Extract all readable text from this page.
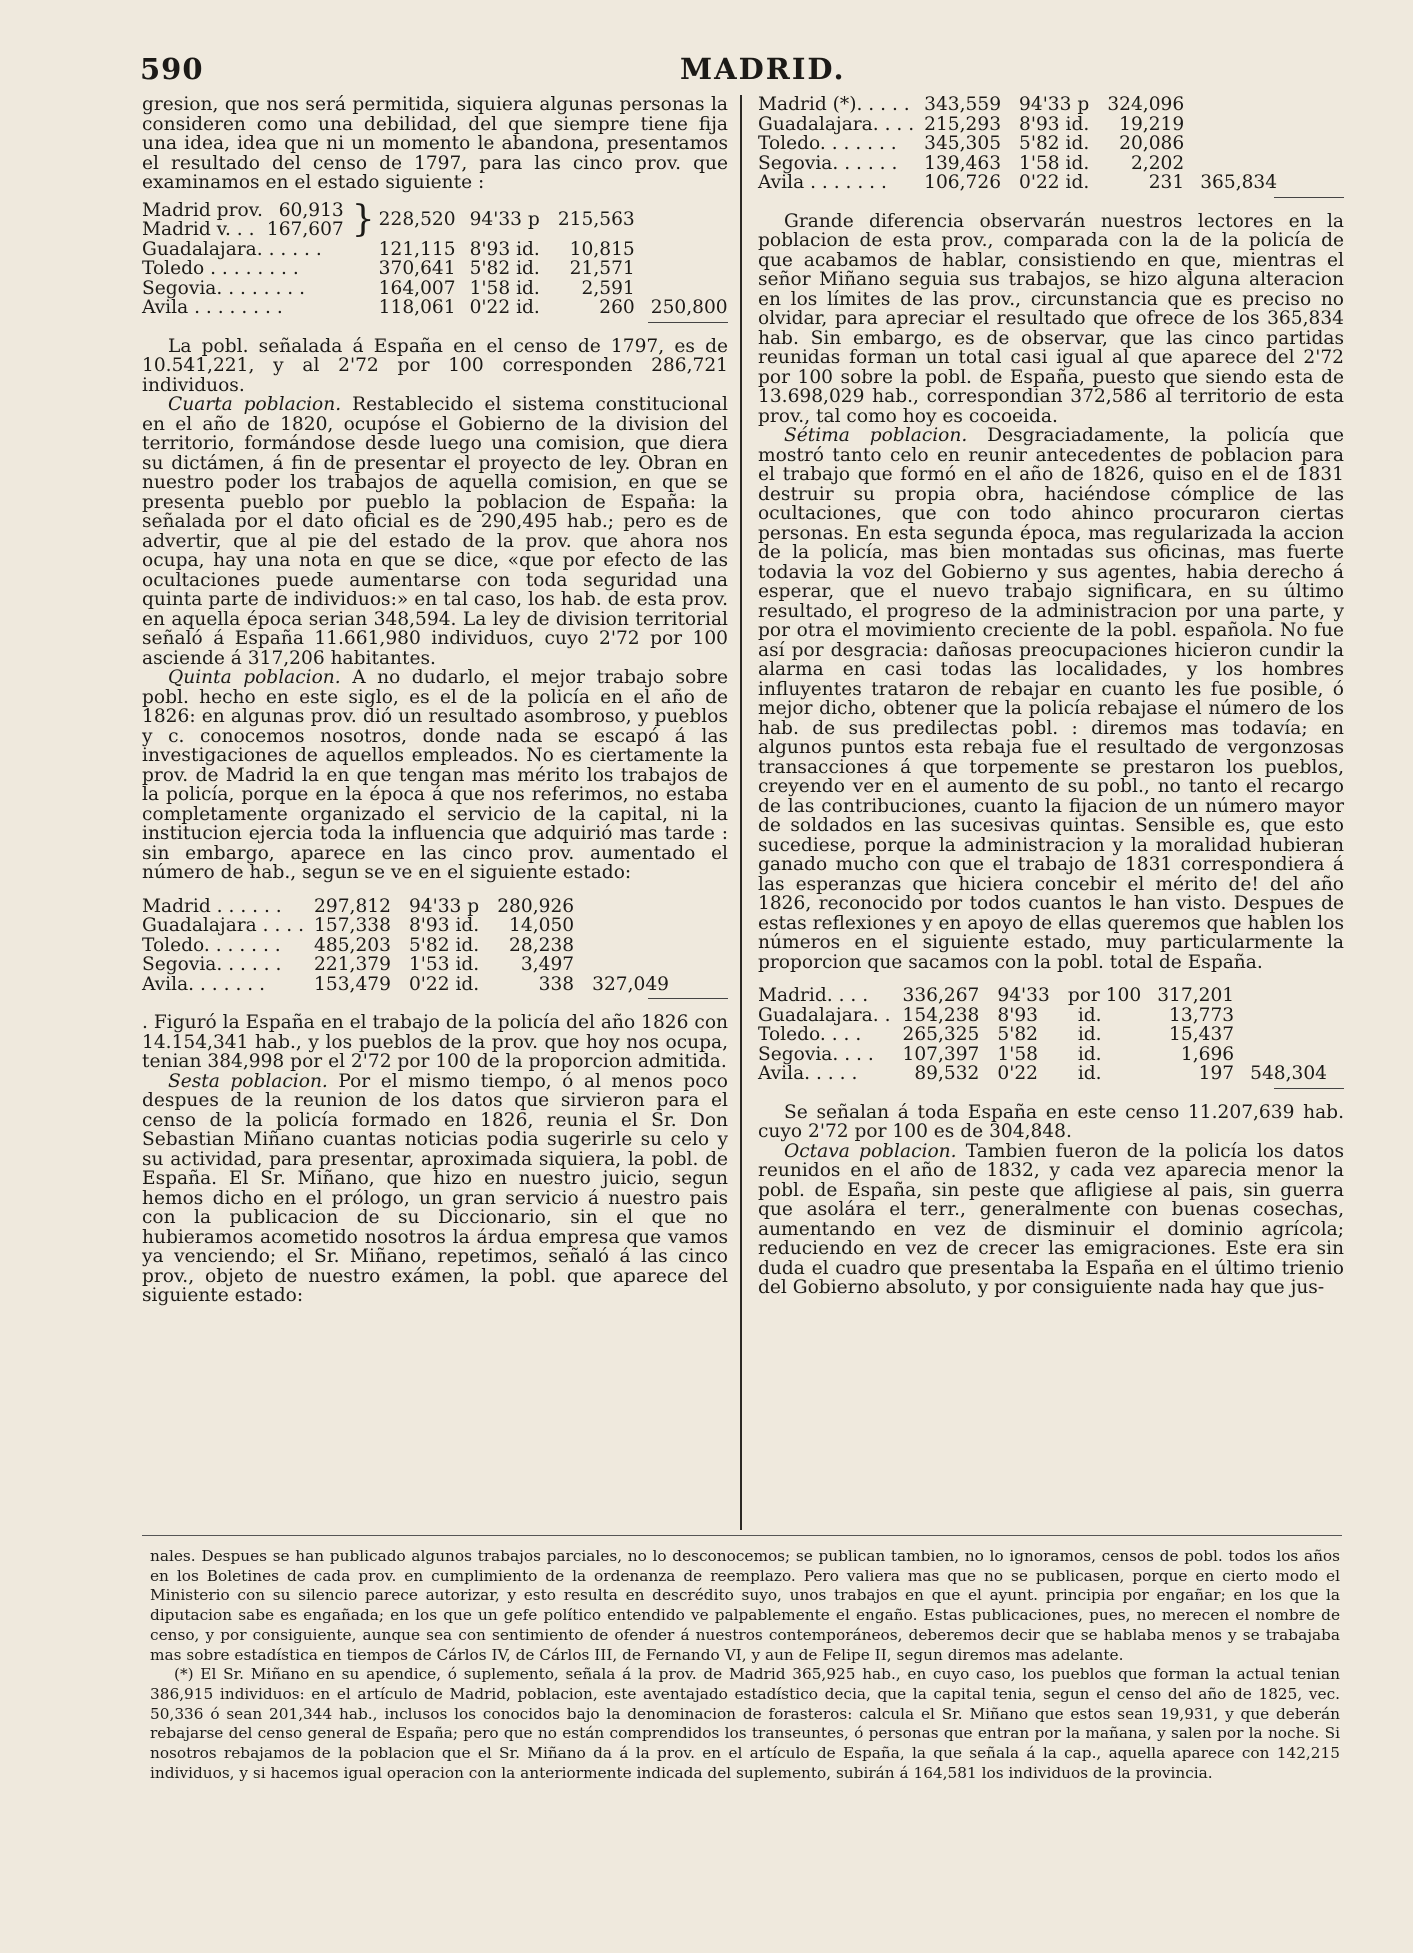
590	MADRID.

gresion, que nos será permitida, siquiera algunas personas la consideren como una debilidad, del que siempre tiene fija una idea, idea que ni un momento le abandona, presentamos el resultado del censo de 1797, para las cinco prov. que examinamos en el estado siguiente :

Madrid prov.	60,913	}	228,520	94'33 p	215,563	
Madrid v. . .	167,607					
Guadalajara. . . . . .			121,115	8'93 id.	10,815	
Toledo . . . . . . . .			370,641	5'82 id.	21,571	
Segovia. . . . . . . .			164,007	1'58 id.	2,591	
Avila . . . . . . . .			118,061	0'22 id.	260	250,800

La pobl. señalada á España en el censo de 1797, es de 10.541,221, y al 2'72 por 100 corresponden 286,721 individuos.

Cuarta poblacion. Restablecido el sistema constitucional en el año de 1820, ocupóse el Gobierno de la division del territorio, formándose desde luego una comision, que diera su dictámen, á fin de presentar el proyecto de ley. Obran en nuestro poder los trabajos de aquella comision, en que se presenta pueblo por pueblo la poblacion de España: la señalada por el dato oficial es de 290,495 hab.; pero es de advertir, que al pie del estado de la prov. que ahora nos ocupa, hay una nota en que se dice, «que por efecto de las ocultaciones puede aumentarse con toda seguridad una quinta parte de individuos:» en tal caso, los hab. de esta prov. en aquella época serian 348,594. La ley de division territorial señaló á España 11.661,980 individuos, cuyo 2'72 por 100 asciende á 317,206 habitantes.

Quinta poblacion. A no dudarlo, el mejor trabajo sobre pobl. hecho en este siglo, es el de la policía en el año de 1826: en algunas prov. dió un resultado asombroso, y pueblos y c. conocemos nosotros, donde nada se escapó á las investigaciones de aquellos empleados. No es ciertamente la prov. de Madrid la en que tengan mas mérito los trabajos de la policía, porque en la época á que nos referimos, no estaba completamente organizado el servicio de la capital, ni la institucion ejercia toda la influencia que adquirió mas tarde : sin embargo, aparece en las cinco prov. aumentado el número de hab., segun se ve en el siguiente estado:

Madrid . . . . . .	297,812	94'33 p	280,926	
Guadalajara . . . .	157,338	8'93 id.	14,050	
Toledo. . . . . . .	485,203	5'82 id.	28,238	
Segovia. . . . . .	221,379	1'53 id.	3,497	
Avila. . . . . . .	153,479	0'22 id.	338	327,049

. Figuró la España en el trabajo de la policía del año 1826 con 14.154,341 hab., y los pueblos de la prov. que hoy nos ocupa, tenian 384,998 por el 2'72 por 100 de la proporcion admitida.

Sesta poblacion. Por el mismo tiempo, ó al menos poco despues de la reunion de los datos que sirvieron para el censo de la policía formado en 1826, reunia el Sr. Don Sebastian Miñano cuantas noticias podia sugerirle su celo y su actividad, para presentar, aproximada siquiera, la pobl. de España. El Sr. Miñano, que hizo en nuestro juicio, segun hemos dicho en el prólogo, un gran servicio á nuestro pais con la publicacion de su Diccionario, sin el que no hubieramos acometido nosotros la árdua empresa que vamos ya venciendo; el Sr. Miñano, repetimos, señaló á las cinco prov., objeto de nuestro exámen, la pobl. que aparece del siguiente estado:

Madrid (*). . . . .	343,559	94'33 p	324,096	
Guadalajara. . . .	215,293	8'93 id.	19,219	
Toledo. . . . . . .	345,305	5'82 id.	20,086	
Segovia. . . . . .	139,463	1'58 id.	2,202	
Avila . . . . . . .	106,726	0'22 id.	231	365,834

Grande diferencia observarán nuestros lectores en la poblacion de esta prov., comparada con la de la policía de que acabamos de hablar, consistiendo en que, mientras el señor Miñano seguia sus trabajos, se hizo alguna alteracion en los límites de las prov., circunstancia que es preciso no olvidar, para apreciar el resultado que ofrece de los 365,834 hab. Sin embargo, es de observar, que las cinco partidas reunidas forman un total casi igual al que aparece del 2'72 por 100 sobre la pobl. de España, puesto que siendo esta de 13.698,029 hab., correspondian 372,586 al territorio de esta prov., tal como hoy es cocoeida.

Sétima poblacion. Desgraciadamente, la policía que mostró tanto celo en reunir antecedentes de poblacion para el trabajo que formó en el año de 1826, quiso en el de 1831 destruir su propia obra, haciéndose cómplice de las ocultaciones, que con todo ahinco procuraron ciertas personas. En esta segunda época, mas regularizada la accion de la policía, mas bien montadas sus oficinas, mas fuerte todavia la voz del Gobierno y sus agentes, habia derecho á esperar, que el nuevo trabajo significara, en su último resultado, el progreso de la administracion por una parte, y por otra el movimiento creciente de la pobl. española. No fue así por desgracia: dañosas preocupaciones hicieron cundir la alarma en casi todas las localidades, y los hombres influyentes trataron de rebajar en cuanto les fue posible, ó mejor dicho, obtener que la policía rebajase el número de los hab. de sus predilectas pobl. : diremos mas todavía; en algunos puntos esta rebaja fue el resultado de vergonzosas transacciones á que torpemente se prestaron los pueblos, creyendo ver en el aumento de su pobl., no tanto el recargo de las contribuciones, cuanto la fijacion de un número mayor de soldados en las sucesivas quintas. Sensible es, que esto sucediese, porque la administracion y la moralidad hubieran ganado mucho con que el trabajo de 1831 correspondiera á las esperanzas que hiciera concebir el mérito de! del año 1826, reconocido por todos cuantos le han visto. Despues de estas reflexiones y en apoyo de ellas queremos que hablen los números en el siguiente estado, muy particularmente la proporcion que sacamos con la pobl. total de España.

Madrid. . . .	336,267	94'33	por 100	317,201	
Guadalajara. .	154,238	8'93	id.	13,773	
Toledo. . . .	265,325	5'82	id.	15,437	
Segovia. . . .	107,397	1'58	id.	1,696	
Avila. . . . .	89,532	0'22	id.	197	548,304

Se señalan á toda España en este censo 11.207,639 hab. cuyo 2'72 por 100 es de 304,848.

Octava poblacion. Tambien fueron de la policía los datos reunidos en el año de 1832, y cada vez aparecia menor la pobl. de España, sin peste que afligiese al pais, sin guerra que asolára el terr., generalmente con buenas cosechas, aumentando en vez de disminuir el dominio agrícola; reduciendo en vez de crecer las emigraciones. Este era sin duda el cuadro que presentaba la España en el último trienio del Gobierno absoluto, y por consiguiente nada hay que jus-

nales. Despues se han publicado algunos trabajos parciales, no lo desconocemos; se publican tambien, no lo ignoramos, censos de pobl. todos los años en los Boletines de cada prov. en cumplimiento de la ordenanza de reemplazo. Pero valiera mas que no se publicasen, porque en cierto modo el Ministerio con su silencio parece autorizar, y esto resulta en descrédito suyo, unos trabajos en que el ayunt. principia por engañar; en los que la diputacion sabe es engañada; en los que un gefe político entendido ve palpablemente el engaño. Estas publicaciones, pues, no merecen el nombre de censo, y por consiguiente, aunque sea con sentimiento de ofender á nuestros contemporáneos, deberemos decir que se hablaba menos y se trabajaba mas sobre estadística en tiempos de Cárlos IV, de Cárlos III, de Fernando VI, y aun de Felipe II, segun diremos mas adelante.

(*) El Sr. Miñano en su apendice, ó suplemento, señala á la prov. de Madrid 365,925 hab., en cuyo caso, los pueblos que forman la actual tenian 386,915 individuos: en el artículo de Madrid, poblacion, este aventajado estadístico decia, que la capital tenia, segun el censo del año de 1825, vec. 50,336 ó sean 201,344 hab., inclusos los conocidos bajo la denominacion de forasteros: calcula el Sr. Miñano que estos sean 19,931, y que deberán rebajarse del censo general de España; pero que no están comprendidos los transeuntes, ó personas que entran por la mañana, y salen por la noche. Si nosotros rebajamos de la poblacion que el Sr. Miñano da á la prov. en el artículo de España, la que señala á la cap., aquella aparece con 142,215 individuos, y si hacemos igual operacion con la anteriormente indicada del suplemento, subirán á 164,581 los individuos de la provincia.
